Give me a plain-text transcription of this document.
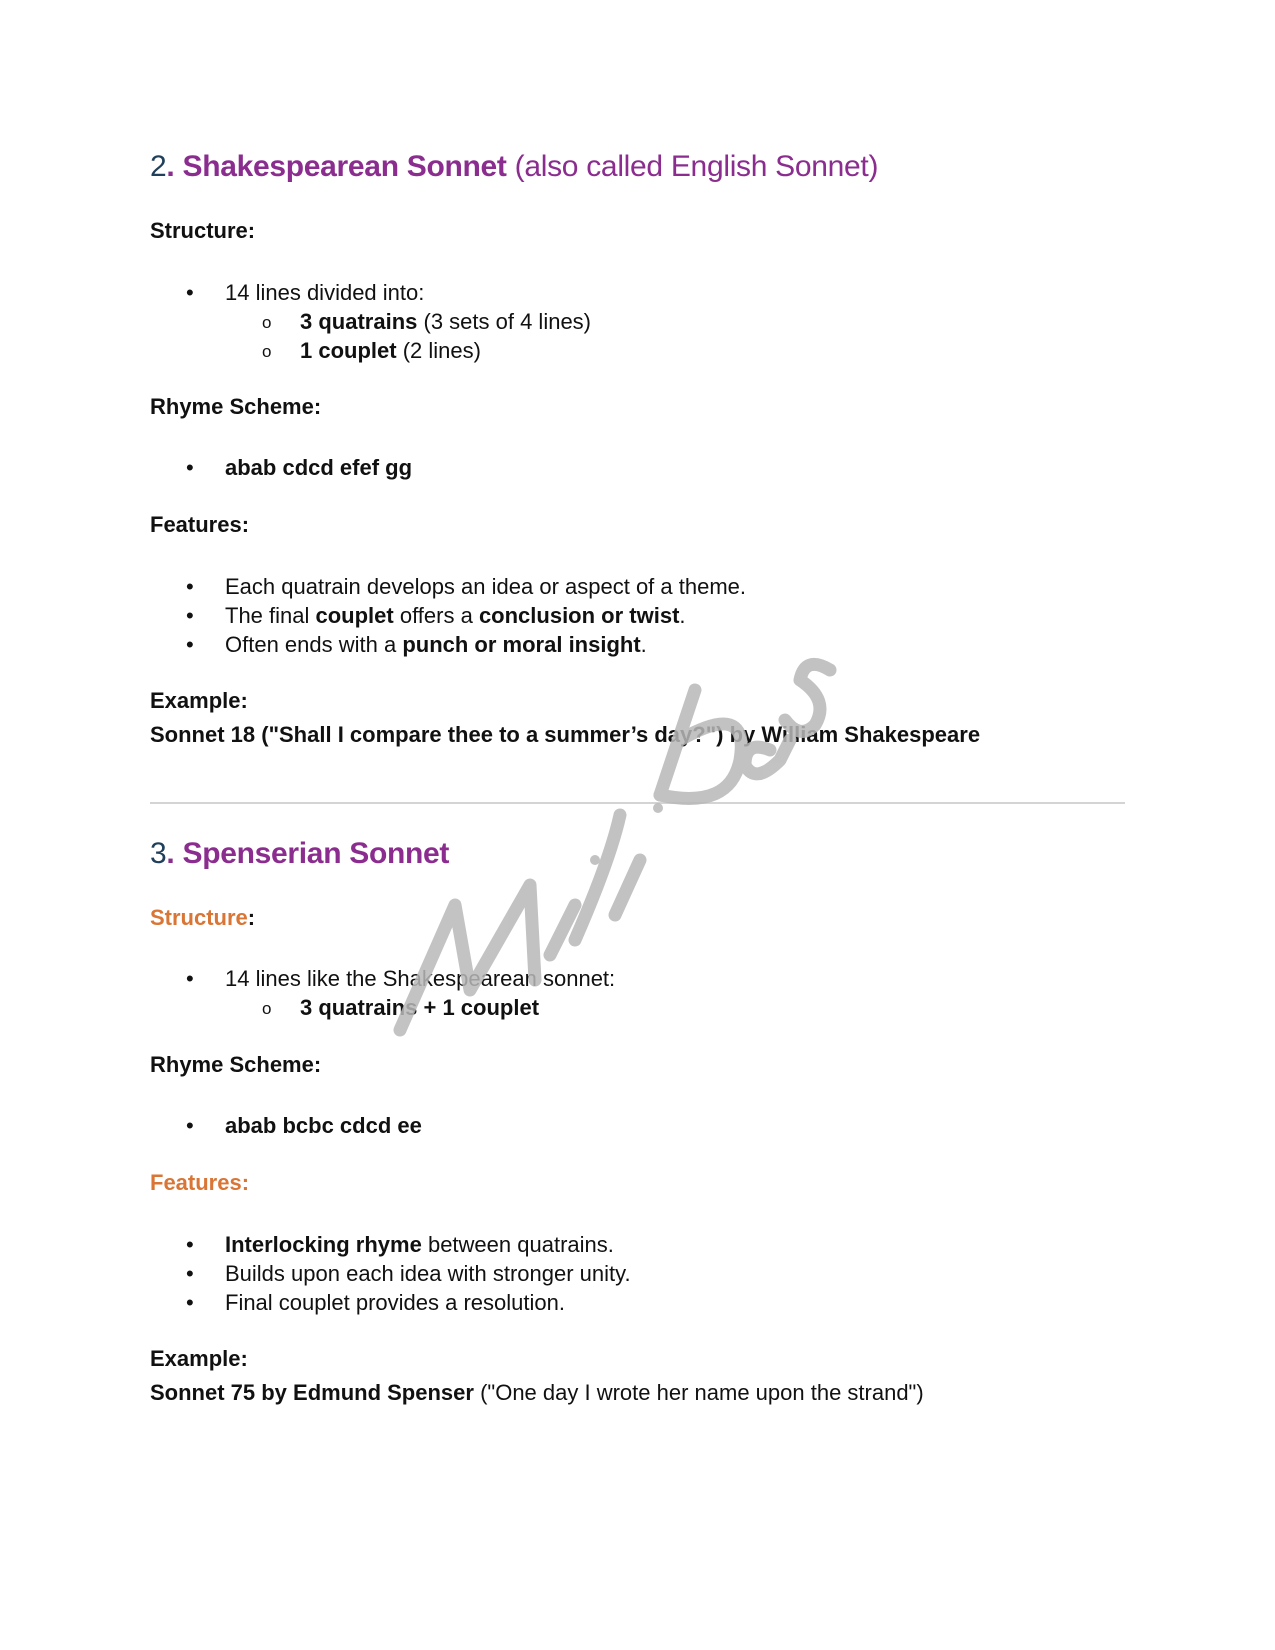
2. Shakespearean Sonnet (also called English Sonnet)
Structure:
• 14 lines divided into:
o 3 quatrains (3 sets of 4 lines)
o 1 couplet (2 lines)
Rhyme Scheme:
• abab cdcd efef gg
Features:
• Each quatrain develops an idea or aspect of a theme.
• The final couplet offers a conclusion or twist.
• Often ends with a punch or moral insight.
Example:
Sonnet 18 ("Shall I compare thee to a summer’s day?") by William Shakespeare
3. Spenserian Sonnet
Structure:
• 14 lines like the Shakespearean sonnet:
o 3 quatrains + 1 couplet
Rhyme Scheme:
• abab bcbc cdcd ee
Features:
• Interlocking rhyme between quatrains.
• Builds upon each idea with stronger unity.
• Final couplet provides a resolution.
Example:
Sonnet 75 by Edmund Spenser ("One day I wrote her name upon the strand")
